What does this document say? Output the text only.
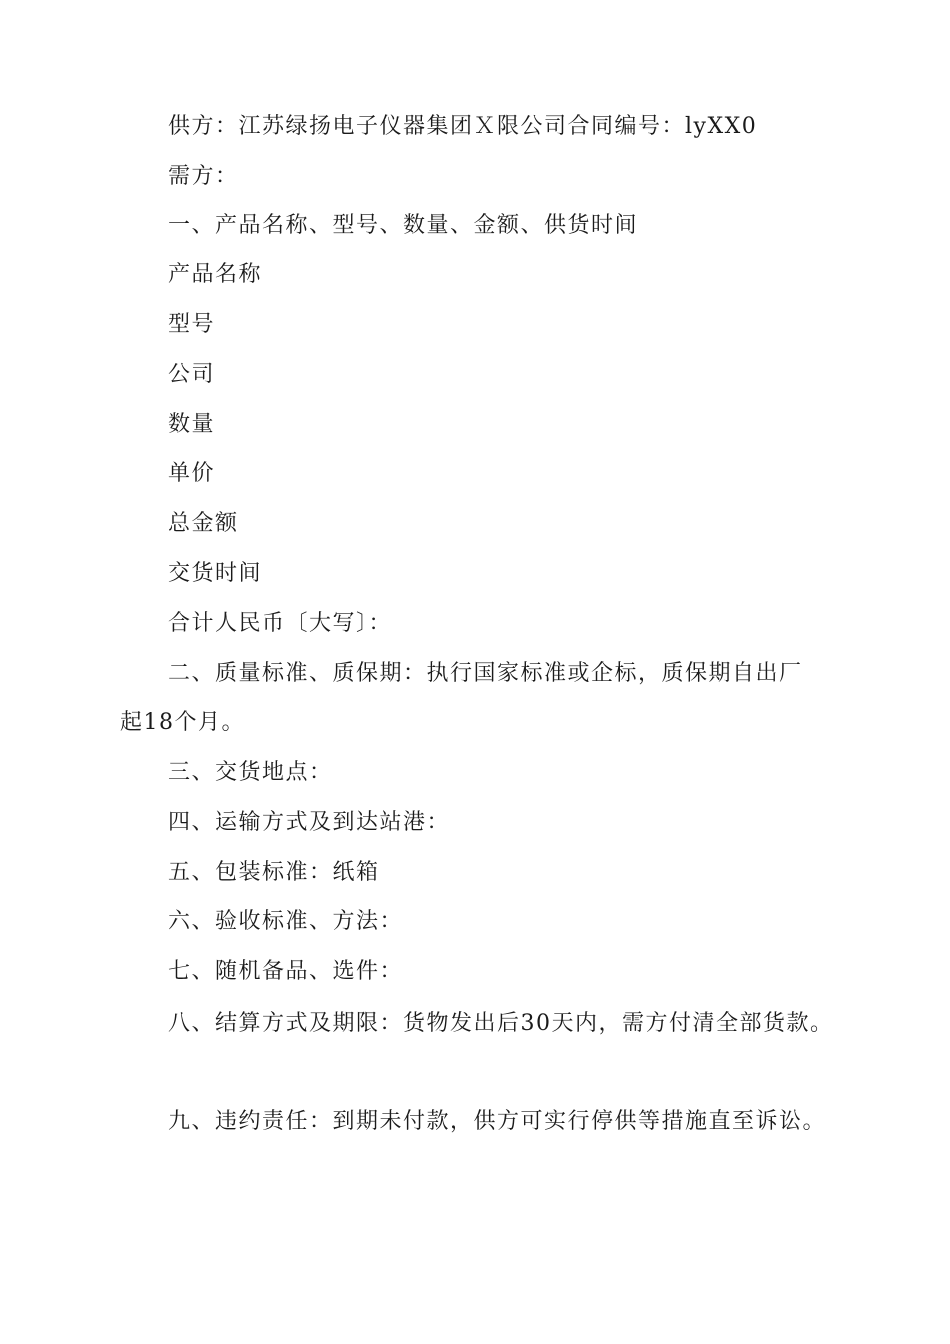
供方：江苏绿扬电子仪器集团Ｘ限公司合同编号：lyXX0
需方：
一、产品名称、型号、数量、金额、供货时间
产品名称
型号
公司
数量
单价
总金额
交货时间
合计人民币〔大写〕：
二、质量标准、质保期：执行国家标准或企标，质保期自出厂
起18个月。
三、交货地点：
四、运输方式及到达站港：
五、包装标准：纸箱
六、验收标准、方法：
七、随机备品、选件：
八、结算方式及期限：货物发出后30天内，需方付清全部货款。
九、违约责任：到期未付款，供方可实行停供等措施直至诉讼。
